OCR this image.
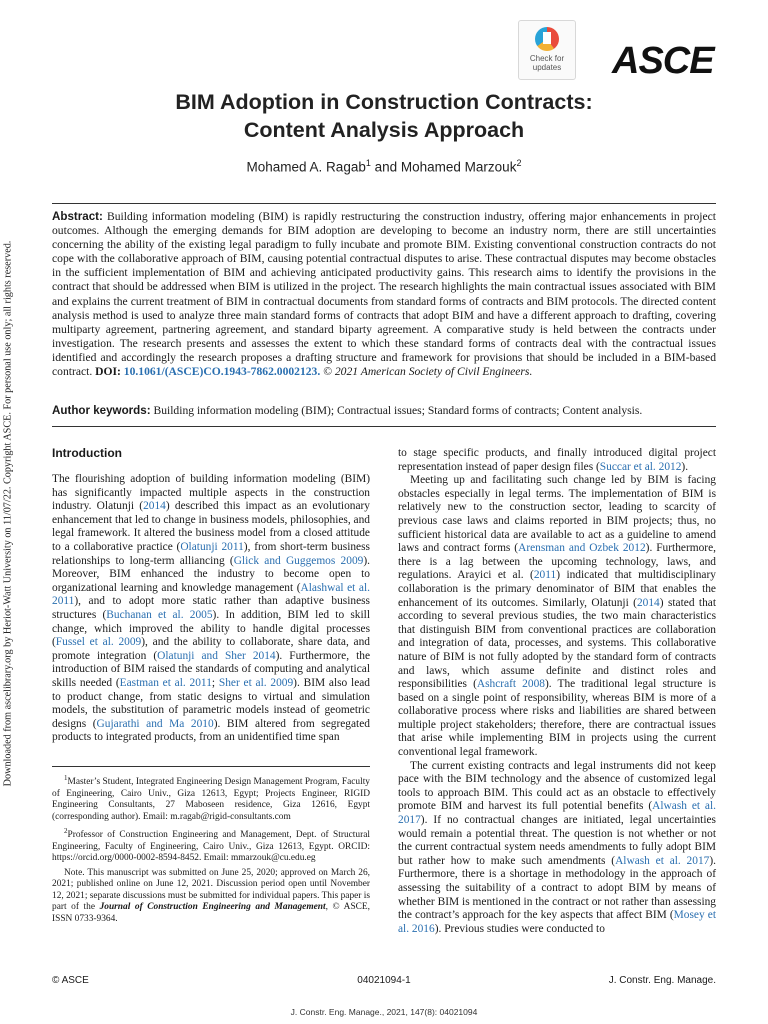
Downloaded from ascelibrary.org by Heriot-Watt University on 11/07/22. Copyright ASCE. For personal use only; all rights reserved.
Check for
updates	ASCE
BIM Adoption in Construction Contracts:
Content Analysis Approach
Mohamed A. Ragab$^1$ and Mohamed Marzouk$^2$
Abstract: Building information modeling (BIM) is rapidly restructuring the construction industry, offering major enhancements in project outcomes. Although the emerging demands for BIM adoption are developing to become an industry norm, there are still uncertainties concerning the ability of the existing legal paradigm to fully incubate and promote BIM. Existing conventional construction contracts do not cope with the collaborative approach of BIM, causing potential contractual disputes to arise. These contractual disputes may become obstacles in the sufficient implementation of BIM and achieving anticipated productivity gains. This research aims to identify the provisions in the contract that should be addressed when BIM is utilized in the project. The research highlights the main contractual issues associated with BIM and explains the current treatment of BIM in contractual documents from standard forms of contracts and BIM protocols. The directed content analysis method is used to analyze three main standard forms of contracts that adopt BIM and have a different approach to drafting, covering multiparty agreement, partnering agreement, and standard biparty agreement. A comparative study is held between the contracts under investigation. The research presents and assesses the extent to which these standard forms of contracts deal with the contractual issues identified and accordingly the research proposes a drafting structure and framework for provisions that should be included in a BIM-based contract. DOI: 10.1061/(ASCE)CO.1943-7862.0002123. © 2021 American Society of Civil Engineers.
Author keywords: Building information modeling (BIM); Contractual issues; Standard forms of contracts; Content analysis.
Introduction
The flourishing adoption of building information modeling (BIM) has significantly impacted multiple aspects in the construction industry. Olatunji (2014) described this impact as an evolutionary enhancement that led to change in business models, philosophies, and legal framework. It altered the business model from a closed attitude to a collaborative practice (Olatunji 2011), from short-term business relationships to long-term alliancing (Glick and Guggemos 2009). Moreover, BIM enhanced the industry to become open to organizational learning and knowledge management (Alashwal et al. 2011), and to adopt more static rather than adaptive business structures (Buchanan et al. 2005). In addition, BIM led to skill change, which improved the ability to handle digital processes (Fussel et al. 2009), and the ability to collaborate, share data, and promote integration (Olatunji and Sher 2014). Furthermore, the introduction of BIM raised the standards of computing and analytical skills needed (Eastman et al. 2011; Sher et al. 2009). BIM also lead to product change, from static designs to virtual and simulation models, the substitution of parametric models instead of geometric designs (Gujarathi and Ma 2010). BIM altered from segregated products to integrated products, from an unidentified time span

$^1$Master’s Student, Integrated Engineering Design Management Program, Faculty of Engineering, Cairo Univ., Giza 12613, Egypt; Projects Engineer, RIGID Engineering Consultants, 27 Maboseen residence, Giza 12616, Egypt (corresponding author). Email: m.ragab@rigid-consultants.com

$^2$Professor of Construction Engineering and Management, Dept. of Structural Engineering, Faculty of Engineering, Cairo Univ., Giza 12613, Egypt. ORCID: https://orcid.org/0000-0002-8594-8452. Email: mmarzouk@cu.edu.eg

Note. This manuscript was submitted on June 25, 2020; approved on March 26, 2021; published online on June 12, 2021. Discussion period open until November 12, 2021; separate discussions must be submitted for individual papers. This paper is part of the Journal of Construction Engineering and Management, © ASCE, ISSN 0733-9364.

to stage specific products, and finally introduced digital project representation instead of paper design files (Succar et al. 2012).

Meeting up and facilitating such change led by BIM is facing obstacles especially in legal terms. The implementation of BIM is relatively new to the construction sector, leading to scarcity of previous case laws and claims reported in BIM projects; thus, no sufficient historical data are available to act as a guideline to amend laws and contract forms (Arensman and Ozbek 2012). Furthermore, there is a lag between the upcoming technology, laws, and regulations. Arayici et al. (2011) indicated that multidisciplinary collaboration is the primary denominator of BIM that enables the enhancement of its outcomes. Similarly, Olatunji (2014) stated that according to several previous studies, the two main characteristics that distinguish BIM from conventional practices are collaboration and integration of data, processes, and systems. This collaborative nature of BIM is not fully adopted by the standard form of contracts and laws, which assume definite and distinct roles and responsibilities (Ashcraft 2008). The traditional legal structure is based on a single point of responsibility, whereas BIM is more of a collaborative process where risks and liabilities are shared between multiple project stakeholders; therefore, there are contractual issues that arise while implementing BIM in projects using the current conventional legal framework.

The current existing contracts and legal instruments did not keep pace with the BIM technology and the absence of customized legal tools to approach BIM. This could act as an obstacle to effectively promote BIM and harvest its full potential benefits (Alwash et al. 2017). If no contractual changes are initiated, legal uncertainties would remain a potential threat. The question is not whether or not the current contractual system needs amendments to fully adopt BIM but rather how to make such amendments (Alwash et al. 2017). Furthermore, there is a shortage in methodology in the approach of assessing the suitability of a contract to adopt BIM by means of whether BIM is mentioned in the contract or not rather than assessing the contract’s approach for the key aspects that affect BIM (Mosey et al. 2016). Previous studies were conducted to

© ASCE	04021094-1	J. Constr. Eng. Manage.
J. Constr. Eng. Manage., 2021, 147(8): 04021094
